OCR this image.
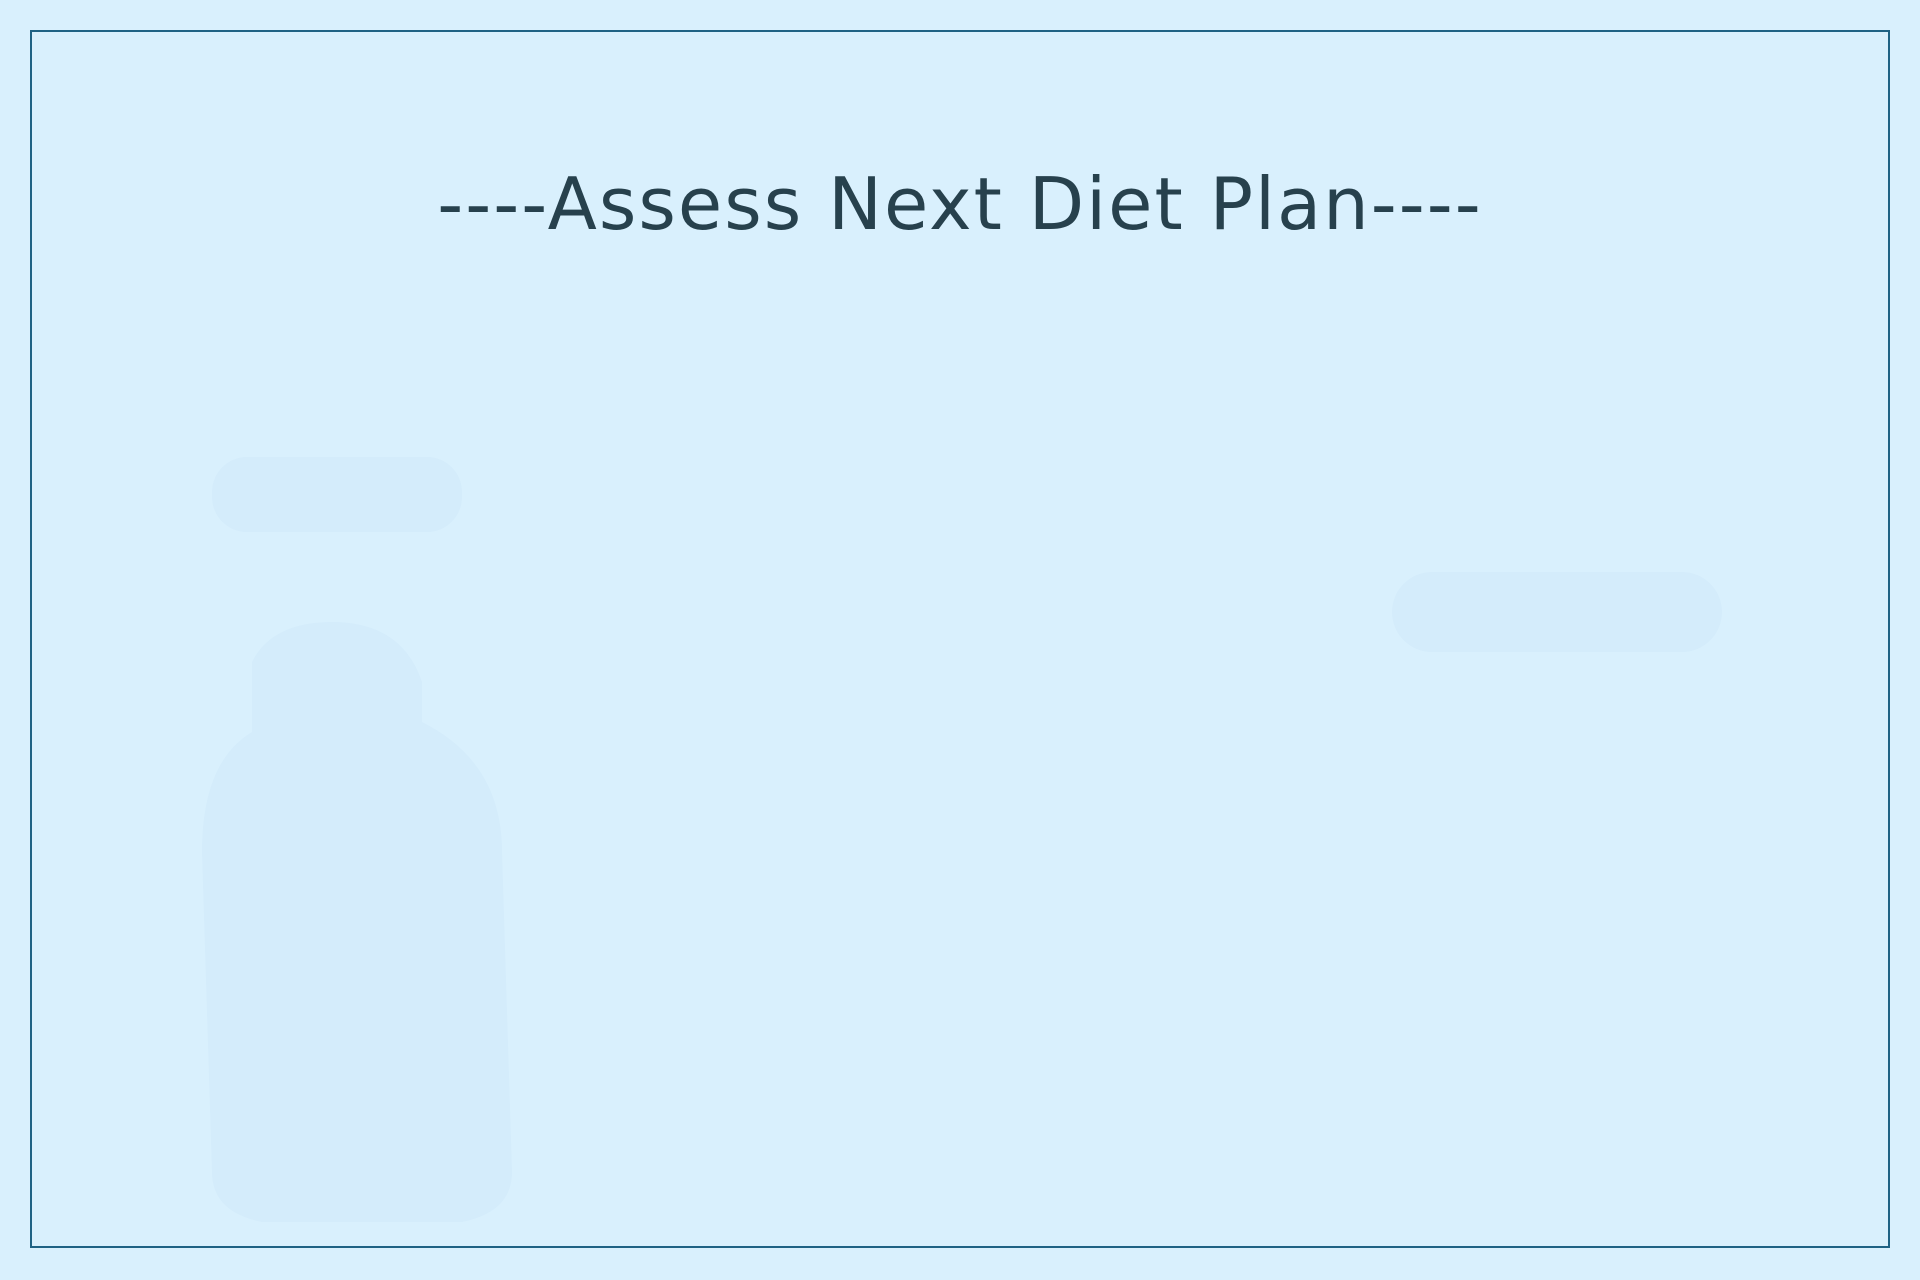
----Assess Next Diet Plan----
